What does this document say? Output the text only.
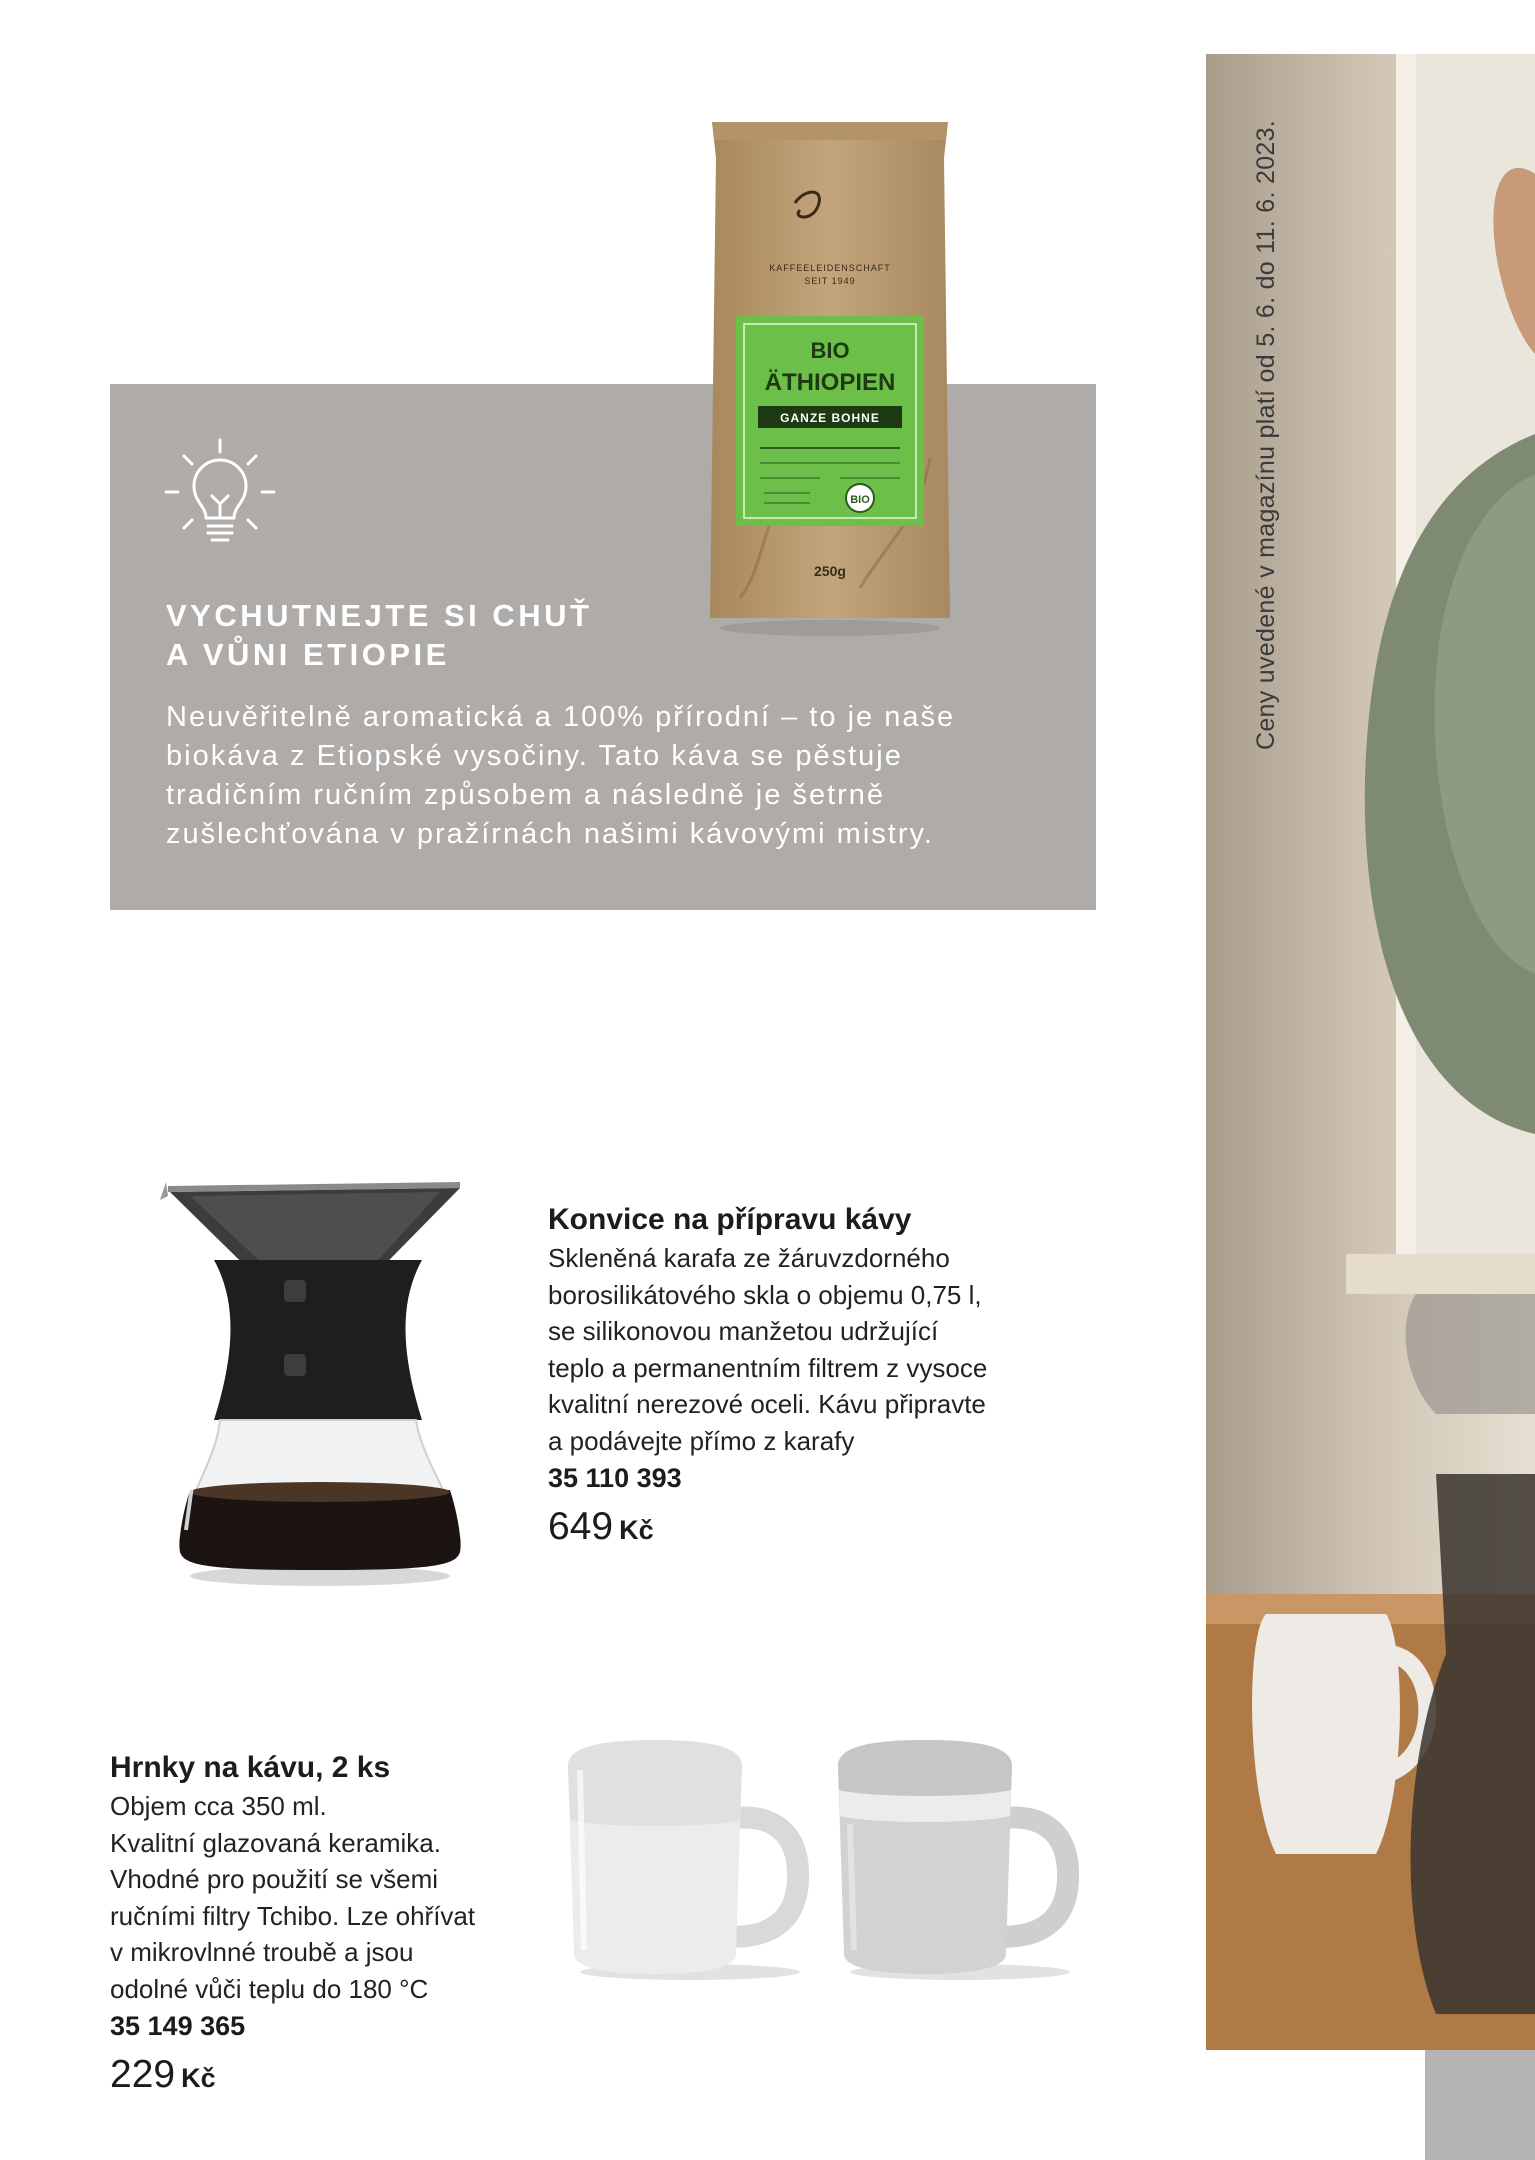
VYCHUTNEJTE SI CHUŤ
A VŮNI ETIOPIE
Neuvěřitelně aromatická a 100% přírodní – to je naše
biokáva z Etiopské vysočiny. Tato káva se pěstuje
tradičním ručním způsobem a následně je šetrně
zušlechťována v pražírnách našimi kávovými mistry.
KAFFEELEIDENSCHAFT
SEIT 1949
BIO
ÄTHIOPIEN
GANZE BOHNE
BIO
250g	Ceny uvedené v magazínu platí od 5. 6. do 11. 6. 2023.
Konvice na přípravu kávy
Skleněná karafa ze žáruvzdorného
borosilikátového skla o objemu 0,75 l,
se silikonovou manžetou udržující
teplo a permanentním filtrem z vysoce
kvalitní nerezové oceli. Kávu připravte
a podávejte přímo z karafy
35 110 393
649 Kč
Hrnky na kávu, 2 ks
Objem cca 350 ml.
Kvalitní glazovaná keramika.
Vhodné pro použití se všemi
ručními filtry Tchibo. Lze ohřívat
v mikrovlnné troubě a jsou
odolné vůči teplu do 180 °C
35 149 365
229 Kč
